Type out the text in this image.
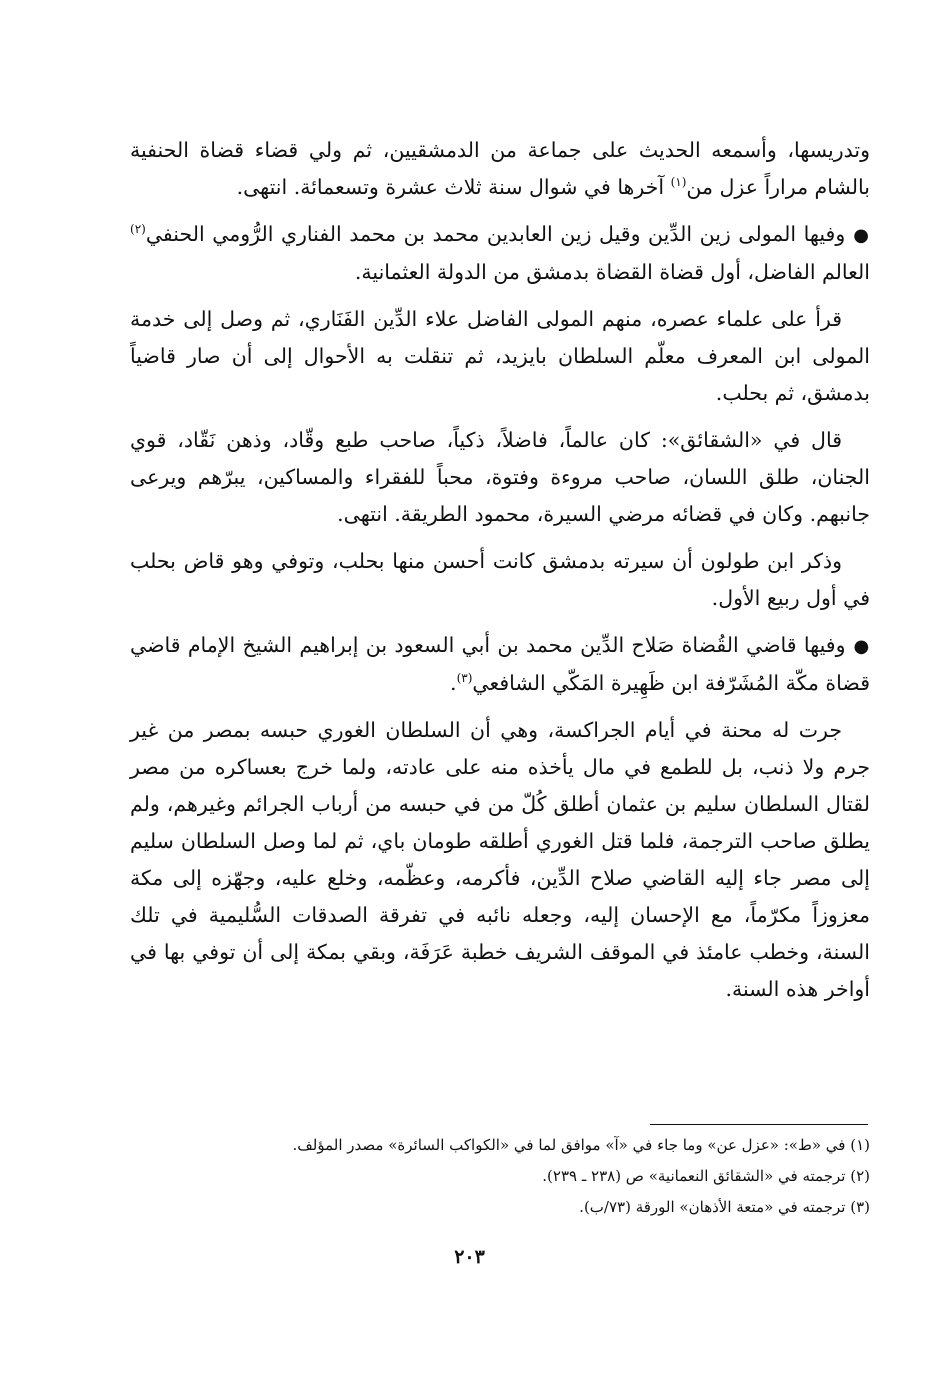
وتدريسها، وأسمعه الحديث على جماعة من الدمشقيين، ثم ولي قضاء قضاة الحنفية بالشام مراراً عزل من$^{(١)}$ آخرها في شوال سنة ثلاث عشرة وتسعمائة. انتهى.

●وفيها المولى زين الدِّين وقيل زين العابدين محمد بن محمد الفناري الرُّومي الحنفي$^{(٢)}$ العالم الفاضل، أول قضاة القضاة بدمشق من الدولة العثمانية.

قرأ على علماء عصره، منهم المولى الفاضل علاء الدِّين الفَنَاري، ثم وصل إلى خدمة المولى ابن المعرف معلّم السلطان بايزيد، ثم تنقلت به الأحوال إلى أن صار قاضياً بدمشق، ثم بحلب.

قال في «الشقائق»: كان عالماً، فاضلاً، ذكياً، صاحب طبع وقّاد، وذهن نَقّاد، قوي الجنان، طلق اللسان، صاحب مروءة وفتوة، محباً للفقراء والمساكين، يبرّهم ويرعى جانبهم. وكان في قضائه مرضي السيرة، محمود الطريقة. انتهى.

وذكر ابن طولون أن سيرته بدمشق كانت أحسن منها بحلب، وتوفي وهو قاض بحلب في أول ربيع الأول.

●وفيها قاضي القُضاة صَلاح الدِّين محمد بن أبي السعود بن إبراهيم الشيخ الإمام قاضي قضاة مكّة المُشَرّفة ابن ظَهِيرة المَكّي الشافعي$^{(٣)}$.

جرت له محنة في أيام الجراكسة، وهي أن السلطان الغوري حبسه بمصر من غير جرم ولا ذنب، بل للطمع في مال يأخذه منه على عادته، ولما خرج بعساكره من مصر لقتال السلطان سليم بن عثمان أطلق كُلّ من في حبسه من أرباب الجرائم وغيرهم، ولم يطلق صاحب الترجمة، فلما قتل الغوري أطلقه طومان باي، ثم لما وصل السلطان سليم إلى مصر جاء إليه القاضي صلاح الدِّين، فأكرمه، وعظّمه، وخلع عليه، وجهّزه إلى مكة معزوزاً مكرّماً، مع الإحسان إليه، وجعله نائبه في تفرقة الصدقات السُّليمية في تلك السنة، وخطب عامئذ في الموقف الشريف خطبة عَرَفَة، وبقي بمكة إلى أن توفي بها في أواخر هذه السنة.

(١) في «ط»: «عزل عن» وما جاء في «آ» موافق لما في «الكواكب السائرة» مصدر المؤلف.

(٢) ترجمته في «الشقائق النعمانية» ص (٢٣٨ ـ ٢٣٩).

(٣) ترجمته في «متعة الأذهان» الورقة (٧٣/ب).

٢٠٣
